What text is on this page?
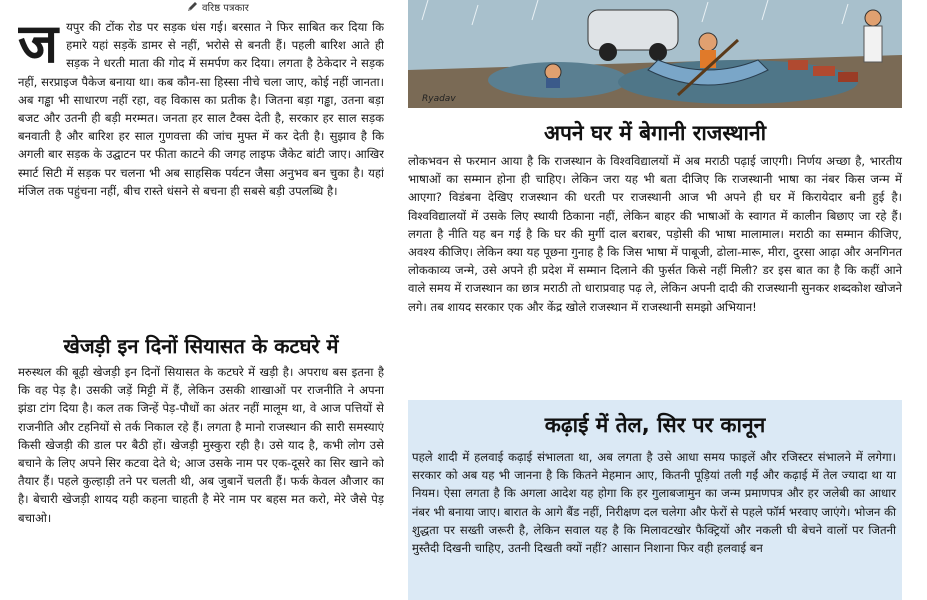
वरिष्ठ पत्रकार

जयपुर की टोंक रोड पर सड़क धंस गई। बरसात ने फिर साबित कर दिया कि हमारे यहां सड़कें डामर से नहीं, भरोसे से बनती हैं। पहली बारिश आते ही सड़क ने धरती माता की गोद में समर्पण कर दिया। लगता है ठेकेदार ने सड़क नहीं, सरप्राइज पैकेज बनाया था। कब कौन-सा हिस्सा नीचे चला जाए, कोई नहीं जानता। अब गड्ढा भी साधारण नहीं रहा, वह विकास का प्रतीक है। जितना बड़ा गड्ढा, उतना बड़ा बजट और उतनी ही बड़ी मरम्मत। जनता हर साल टैक्स देती है, सरकार हर साल सड़क बनवाती है और बारिश हर साल गुणवत्ता की जांच मुफ्त में कर देती है। सुझाव है कि अगली बार सड़क के उद्घाटन पर फीता काटने की जगह लाइफ जैकेट बांटी जाए। आखिर स्मार्ट सिटी में सड़क पर चलना भी अब साहसिक पर्यटन जैसा अनुभव बन चुका है। यहां मंजिल तक पहुंचना नहीं, बीच रास्ते धंसने से बचना ही सबसे बड़ी उपलब्धि है।

खेजड़ी इन दिनों सियासत के कटघरे में

मरुस्थल की बूढ़ी खेजड़ी इन दिनों सियासत के कटघरे में खड़ी है। अपराध बस इतना है कि वह पेड़ है। उसकी जड़ें मिट्टी में हैं, लेकिन उसकी शाखाओं पर राजनीति ने अपना झंडा टांग दिया है। कल तक जिन्हें पेड़-पौधों का अंतर नहीं मालूम था, वे आज पत्तियों से राजनीति और टहनियों से तर्क निकाल रहे हैं। लगता है मानो राजस्थान की सारी समस्याएं किसी खेजड़ी की डाल पर बैठी हों। खेजड़ी मुस्कुरा रही है। उसे याद है, कभी लोग उसे बचाने के लिए अपने सिर कटवा देते थे; आज उसके नाम पर एक-दूसरे का सिर खाने को तैयार हैं। पहले कुल्हाड़ी तने पर चलती थी, अब जुबानें चलती हैं। फर्क केवल औजार का है। बेचारी खेजड़ी शायद यही कहना चाहती है मेरे नाम पर बहस मत करो, मेरे जैसे पेड़ बचाओ।

Ryadav
अपने घर में बेगानी राजस्थानी

लोकभवन से फरमान आया है कि राजस्थान के विश्वविद्यालयों में अब मराठी पढ़ाई जाएगी। निर्णय अच्छा है, भारतीय भाषाओं का सम्मान होना ही चाहिए। लेकिन जरा यह भी बता दीजिए कि राजस्थानी भाषा का नंबर किस जन्म में आएगा? विडंबना देखिए राजस्थान की धरती पर राजस्थानी आज भी अपने ही घर में किरायेदार बनी हुई है। विश्वविद्यालयों में उसके लिए स्थायी ठिकाना नहीं, लेकिन बाहर की भाषाओं के स्वागत में कालीन बिछाए जा रहे हैं। लगता है नीति यह बन गई है कि घर की मुर्गी दाल बराबर, पड़ोसी की भाषा मालामाल। मराठी का सम्मान कीजिए, अवश्य कीजिए। लेकिन क्या यह पूछना गुनाह है कि जिस भाषा में पाबूजी, ढोला-मारू, मीरा, दुरसा आढ़ा और अनगिनत लोककाव्य जन्मे, उसे अपने ही प्रदेश में सम्मान दिलाने की फुर्सत किसे नहीं मिली? डर इस बात का है कि कहीं आने वाले समय में राजस्थान का छात्र मराठी तो धाराप्रवाह पढ़ ले, लेकिन अपनी दादी की राजस्थानी सुनकर शब्दकोश खोजने लगे। तब शायद सरकार एक और केंद्र खोले राजस्थान में राजस्थानी समझो अभियान!

कढ़ाई में तेल, सिर पर कानून

पहले शादी में हलवाई कढ़ाई संभालता था, अब लगता है उसे आधा समय फाइलें और रजिस्टर संभालने में लगेगा। सरकार को अब यह भी जानना है कि कितने मेहमान आए, कितनी पूड़ियां तली गईं और कढ़ाई में तेल ज्यादा था या नियम। ऐसा लगता है कि अगला आदेश यह होगा कि हर गुलाबजामुन का जन्म प्रमाणपत्र और हर जलेबी का आधार नंबर भी बनाया जाए। बारात के आगे बैंड नहीं, निरीक्षण दल चलेगा और फेरों से पहले फॉर्म भरवाए जाएंगे। भोजन की शुद्धता पर सख्ती जरूरी है, लेकिन सवाल यह है कि मिलावटखोर फैक्ट्रियों और नकली घी बेचने वालों पर जितनी मुस्तैदी दिखनी चाहिए, उतनी दिखती क्यों नहीं? आसान निशाना फिर वही हलवाई बन
